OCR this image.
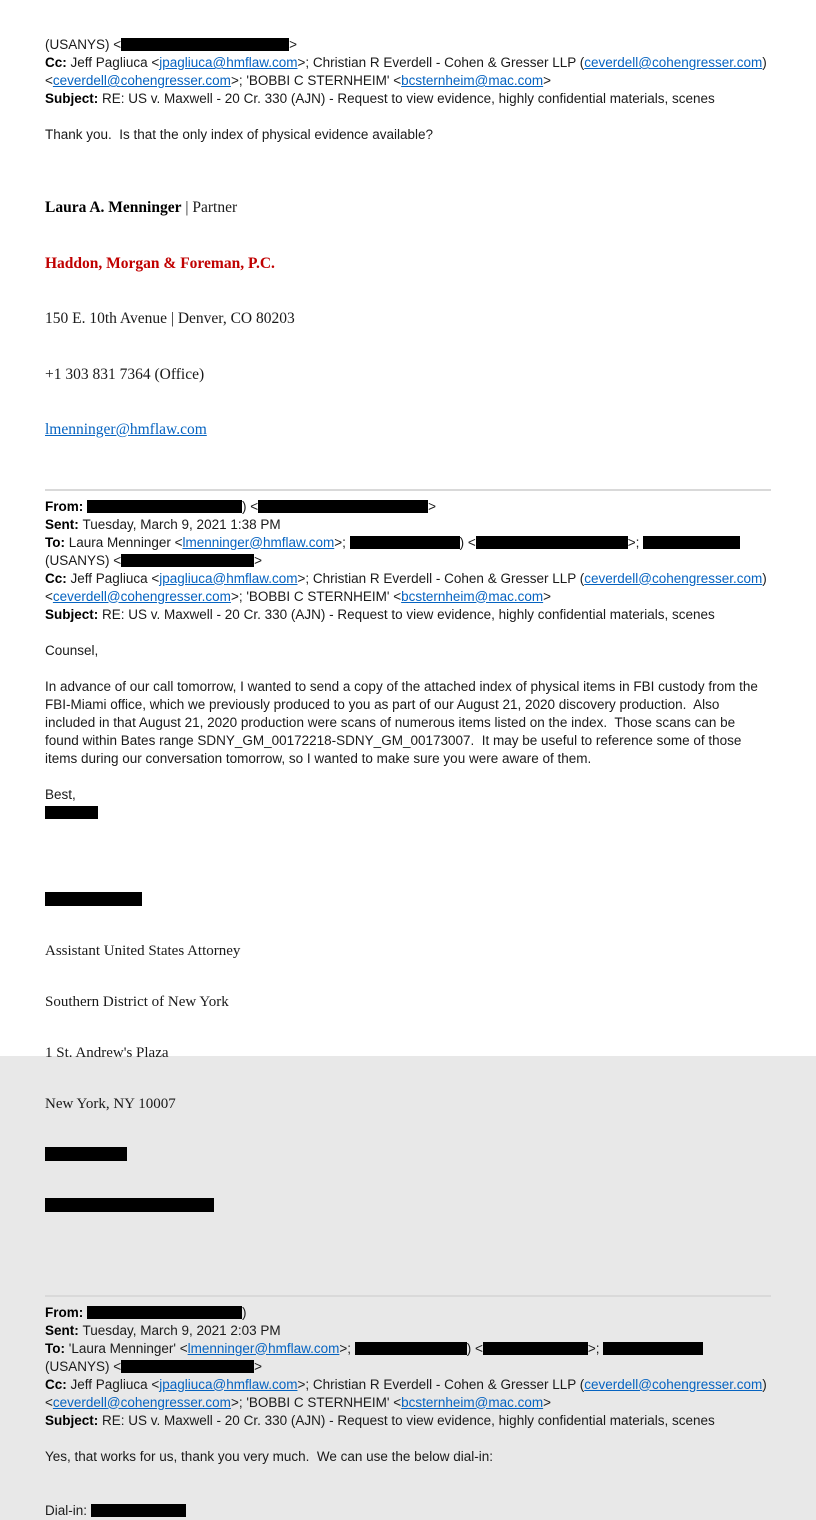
(USANYS) <	>
Cc: Jeff Pagliuca <jpagliuca@hmflaw.com>; Christian R Everdell - Cohen & Gresser LLP (ceverdell@cohengresser.com)
<ceverdell@cohengresser.com>; 'BOBBI C STERNHEIM' <bcsternheim@mac.com>
Subject: RE: US v. Maxwell - 20 Cr. 330 (AJN) - Request to view evidence, highly confidential materials, scenes
Thank you.  Is that the only index of physical evidence available?

Laura A. Menninger | Partner

Haddon, Morgan & Foreman, P.C.

150 E. 10th Avenue | Denver, CO 80203

+1 303 831 7364 (Office)

lmenninger@hmflaw.com

From:	) <	>
Sent: Tuesday, March 9, 2021 1:38 PM
To: Laura Menninger <lmenninger@hmflaw.com>;	) <	>;
(USANYS) <	>
Cc: Jeff Pagliuca <jpagliuca@hmflaw.com>; Christian R Everdell - Cohen & Gresser LLP (ceverdell@cohengresser.com)
<ceverdell@cohengresser.com>; 'BOBBI C STERNHEIM' <bcsternheim@mac.com>
Subject: RE: US v. Maxwell - 20 Cr. 330 (AJN) - Request to view evidence, highly confidential materials, scenes
Counsel,
In advance of our call tomorrow, I wanted to send a copy of the attached index of physical items in FBI custody from the FBI-Miami office, which we previously produced to you as part of our August 21, 2020 discovery production.  Also included in that August 21, 2020 production were scans of numerous items listed on the index.  Those scans can be found within Bates range SDNY_GM_00172218-SDNY_GM_00173007.  It may be useful to reference some of those items during our conversation tomorrow, so I wanted to make sure you were aware of them.
Best,

Assistant United States Attorney

Southern District of New York

1 St. Andrew's Plaza

New York, NY 10007

From:	)
Sent: Tuesday, March 9, 2021 2:03 PM
To: 'Laura Menninger' <lmenninger@hmflaw.com>;	) <	>;
(USANYS) <	>
Cc: Jeff Pagliuca <jpagliuca@hmflaw.com>; Christian R Everdell - Cohen & Gresser LLP (ceverdell@cohengresser.com)
<ceverdell@cohengresser.com>; 'BOBBI C STERNHEIM' <bcsternheim@mac.com>
Subject: RE: US v. Maxwell - 20 Cr. 330 (AJN) - Request to view evidence, highly confidential materials, scenes
Yes, that works for us, thank you very much.  We can use the below dial-in:
Dial-in:
